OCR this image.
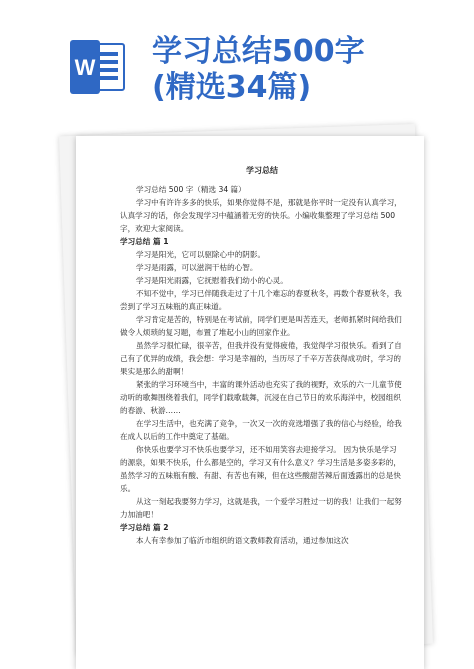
W 学习总结500字
(精选34篇)
学习总结
学习总结 500 字（精选 34 篇）
学习中有许许多多的快乐，如果你觉得不是，那就是你平时一定没有认真学习，认真学习的话，你会发现学习中蕴涵着无穷的快乐。小编收集整理了学习总结 500 字，欢迎大家阅读。
学习总结 篇 1
学习是阳光，它可以驱除心中的阴影。
学习是雨露，可以滋润干枯的心智。
学习是阳光雨露，它抚慰着我们幼小的心灵。
不知不觉中，学习已伴随我走过了十几个难忘的春夏秋冬，再数个春夏秋冬，我尝到了学习五味瓶的真正味道。
学习肯定是苦的，特别是在考试前，同学们更是叫苦连天，老师抓紧时间给我们做令人烦琐的复习题，布置了堆起小山的回家作业。
虽然学习很忙碌，很辛苦，但我并没有觉得疲倦，我觉得学习很快乐。看到了自己有了优异的成绩，我会想：学习是幸福的，当历尽了千辛万苦获得成功时，学习的果实是那么的甜啊！
紧张的学习环境当中，丰富的课外活动也充实了我的视野，欢乐的六一儿童节使动听的歌舞围绕着我们，同学们载歌载舞，沉浸在自己节日的欢乐海洋中，校园组织的春游、秋游……
在学习生活中，也充满了竞争，一次又一次的竞选增强了我的信心与经验，给我在成人以后的工作中奠定了基础。
你快乐也要学习不快乐也要学习，还不如用笑容去迎接学习。 因为快乐是学习的源泉，如果不快乐，什么都是空的，学习又有什么意义？学习生活是多姿多彩的，虽然学习的五味瓶有酸、有甜、有苦也有辣，但在这些酸甜苦辣后面透露出的总是快乐。
从这一刻起我要努力学习，这就是我，一个爱学习胜过一切的我！让我们一起努力加油吧！
学习总结 篇 2
本人有幸参加了临沂市组织的语文教师教育活动，通过参加这次
